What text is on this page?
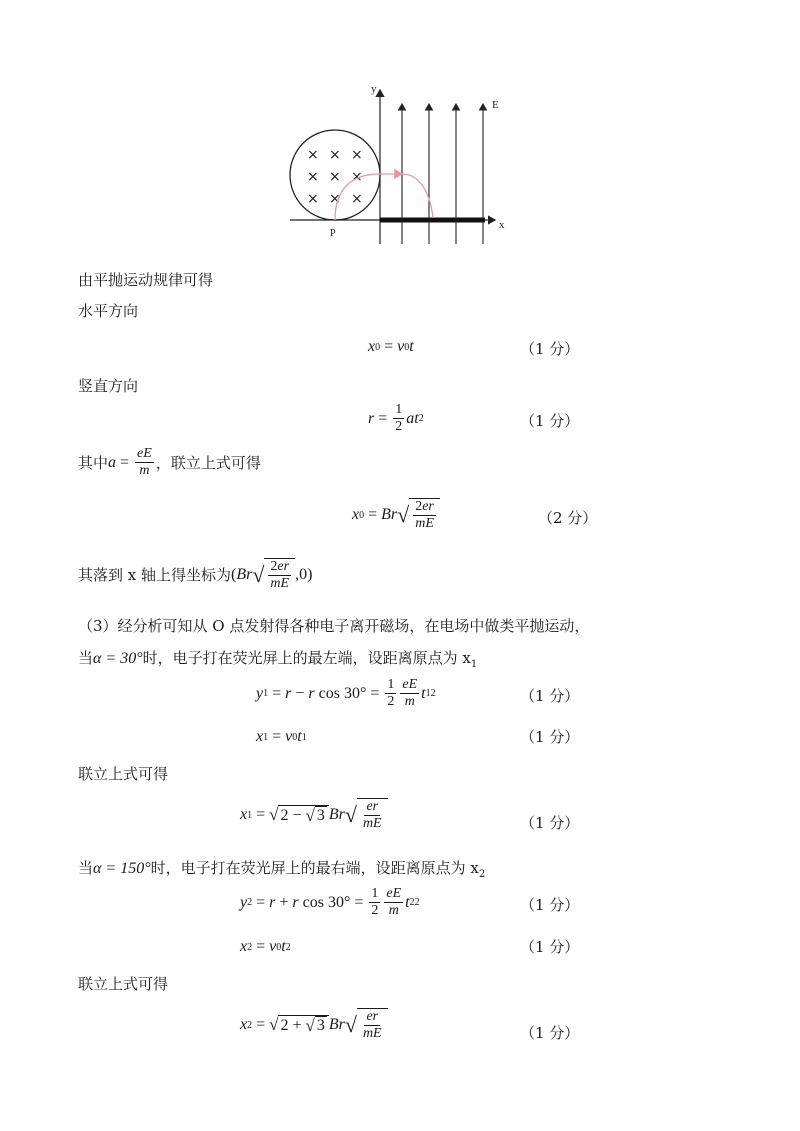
× × ×
× × ×
× × ×
y
x
E
P
由平抛运动规律可得
水平方向
x 0 = v 0 t	（1 分）
竖直方向
$r = \frac{1}{2}$ at 2	（1 分）
其中 $a = \frac{eE}{m}$ ，联立上式可得
x 0 = Br √ $\frac{2er}{mE}$	（2 分）
其落到 x 轴上得坐标为 ( Br √ $\frac{2er}{mE} ,0$)
（3）经分析可知从 O 点发射得各种电子离开磁场，在电场中做类平抛运动，
当α = 30°时，电子打在荧光屏上的最左端，设距离原点为 $x_1$
y 1 = r − r $\cos 30^\circ = \frac{1}{2} \frac{eE}{m}$ t 1 2	（1 分）
x 1 = v 0 t 1	（1 分）
联立上式可得
x 1 = √ 2 − √ 3 Br √ $\frac{er}{mE}$	（1 分）
当α = 150°时，电子打在荧光屏上的最右端，设距离原点为 $x_2$
y 2 = r + r $\cos 30^\circ = \frac{1}{2} \frac{eE}{m}$ t 2 2	（1 分）
x 2 = v 0 t 2	（1 分）
联立上式可得
x 2 = √ 2 + √ 3 Br √ $\frac{er}{mE}$	（1 分）
